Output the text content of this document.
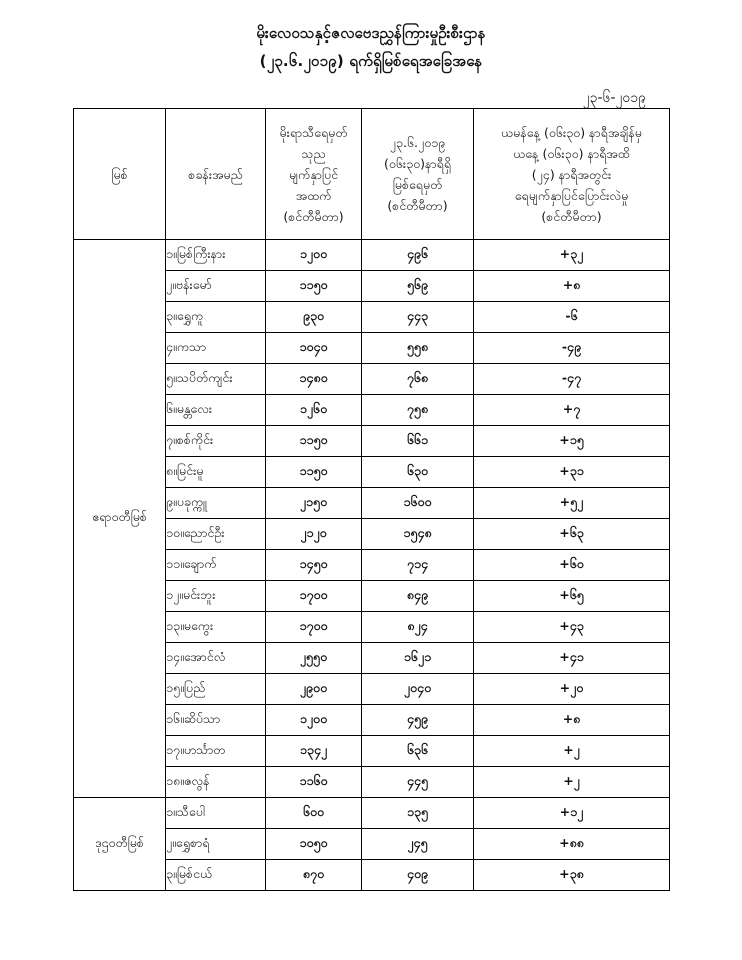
မိုးလေဝသနှင့်ဇလဗေဒညွှန်ကြားမှုဦးစီးဌာန
(၂၃.၆.၂၀၁၉) ရက်ရှိမြစ်ရေအခြေအနေ
၂၃-၆-၂၀၁၉
မြစ်	စခန်းအမည်	မိုးရာသီရေမှတ်
သုည
မျက်နှာပြင်
အထက်
(စင်တီမီတာ)	၂၃.၆.၂၀၁၉
(၀၆း၃၀)နာရီရှိ
မြစ်ရေမှတ်
(စင်တီမီတာ)	ယမန်နေ့ (၀၆း၃၀) နာရီအချိန်မှ
ယနေ့ (၀၆း၃၀) နာရီအထိ
(၂၄) နာရီအတွင်း
ရေမျက်နှာပြင်ပြောင်းလဲမှု
(စင်တီမီတာ)

ဧရာဝတီမြစ်	၁။မြစ်ကြီးနား	၁၂၀၀	၄၉၆	+၃၂
	၂။ဗန်းမော်	၁၁၅၀	၅၆၉	+၈
	၃။ရွှေကူ	၉၃၀	၄၄၃	-၆
	၄။ကသာ	၁၀၄၀	၅၅၈	-၄၉
	၅။သပိတ်ကျင်း	၁၄၈၀	၇၆၈	-၄၇
	၆။မန္တလေး	၁၂၆၀	၇၅၈	+၇
	၇။စစ်ကိုင်း	၁၁၅၀	၆၆၁	+၁၅
	၈။မြင်းမူ	၁၁၅၀	၆၃၀	+၃၁
	၉။ပခုက္ကူ	၂၁၅၀	၁၆၀၀	+၅၂
	၁၀။ညောင်ဦး	၂၁၂၀	၁၅၄၈	+၆၃
	၁၁။ချောက်	၁၄၅၀	၇၁၄	+၆၀
	၁၂။မင်းဘူး	၁၇၀၀	၈၄၉	+၆၅
	၁၃။မကွေး	၁၇၀၀	၈၂၄	+၄၃
	၁၄။အောင်လံ	၂၅၅၀	၁၆၂၁	+၄၁
	၁၅။ပြည်	၂၉၀၀	၂၀၄၀	+၂၀
	၁၆။ဆိပ်သာ	၁၂၀၀	၄၅၉	+၈
	၁၇။ဟင်္သာတ	၁၃၄၂	၆၃၆	+၂
	၁၈။ဇလွန်	၁၁၆၀	၄၄၅	+၂
ဒုဌဝတီမြစ်	၁။သီပေါ	၆၀၀	၁၃၅	+၁၂
	၂။ရွှေစာရံ	၁၀၅၀	၂၄၅	+၈၈
	၃။မြစ်ငယ်	၈၇၀	၄၀၉	+၃၈
